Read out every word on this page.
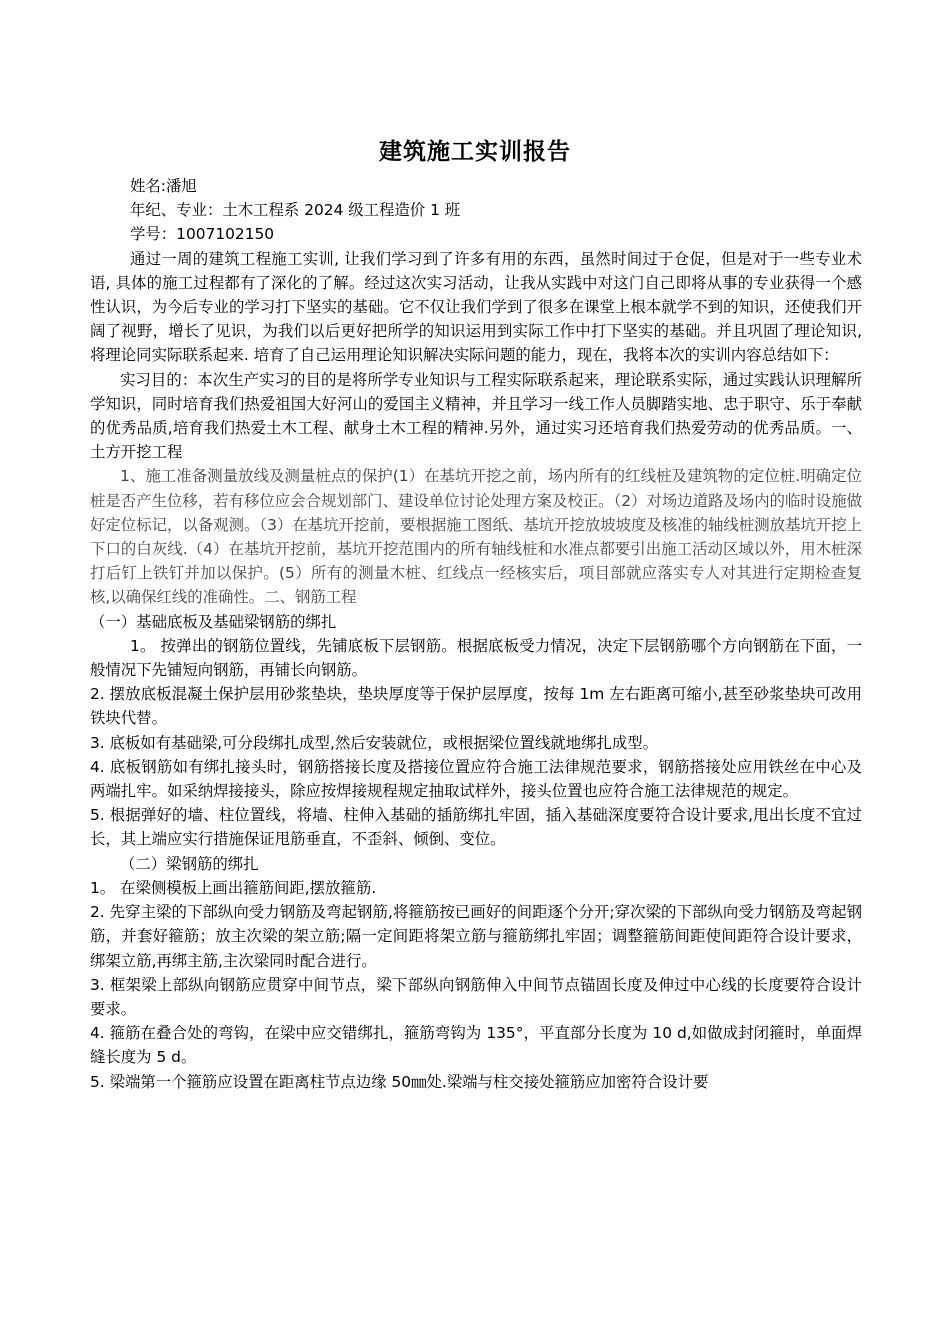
建筑施工实训报告

姓名:潘旭

年纪、专业：土木工程系 2024 级工程造价 1 班

学号：1007102150

通过一周的建筑工程施工实训, 让我们学习到了许多有用的东西，虽然时间过于仓促，但是对于一些专业术语, 具体的施工过程都有了深化的了解。经过这次实习活动，让我从实践中对这门自己即将从事的专业获得一个感性认识，为今后专业的学习打下坚实的基础。它不仅让我们学到了很多在课堂上根本就学不到的知识，还使我们开阔了视野，增长了见识，为我们以后更好把所学的知识运用到实际工作中打下坚实的基础。并且巩固了理论知识, 将理论同实际联系起来. 培育了自己运用理论知识解决实际问题的能力，现在，我将本次的实训内容总结如下：

实习目的：本次生产实习的目的是将所学专业知识与工程实际联系起来，理论联系实际，通过实践认识理解所学知识，同时培育我们热爱祖国大好河山的爱国主义精神，并且学习一线工作人员脚踏实地、忠于职守、乐于奉献的优秀品质,培育我们热爱土木工程、献身土木工程的精神.另外，通过实习还培育我们热爱劳动的优秀品质。一、土方开挖工程

1、施工准备测量放线及测量桩点的保护(1）在基坑开挖之前，场内所有的红线桩及建筑物的定位桩.明确定位桩是否产生位移，若有移位应会合规划部门、建设单位讨论处理方案及校正。（2）对场边道路及场内的临时设施做好定位标记，以备观测。（3）在基坑开挖前，要根据施工图纸、基坑开挖放坡坡度及核准的轴线桩测放基坑开挖上下口的白灰线.（4）在基坑开挖前，基坑开挖范围内的所有轴线桩和水准点都要引出施工活动区域以外，用木桩深打后钉上铁钉并加以保护。(5）所有的测量木桩、红线点一经核实后，项目部就应落实专人对其进行定期检查复核,以确保红线的准确性。二、钢筋工程

（一）基础底板及基础梁钢筋的绑扎

1。 按弹出的钢筋位置线，先铺底板下层钢筋。根据底板受力情况，决定下层钢筋哪个方向钢筋在下面，一般情况下先铺短向钢筋，再铺长向钢筋。

2. 摆放底板混凝土保护层用砂浆垫块，垫块厚度等于保护层厚度，按每 1m 左右距离可缩小,甚至砂浆垫块可改用铁块代替。

3. 底板如有基础梁,可分段绑扎成型,然后安装就位，或根据梁位置线就地绑扎成型。

4. 底板钢筋如有绑扎接头时，钢筋搭接长度及搭接位置应符合施工法律规范要求，钢筋搭接处应用铁丝在中心及两端扎牢。如采纳焊接接头，除应按焊接规程规定抽取试样外，接头位置也应符合施工法律规范的规定。

5. 根据弹好的墙、柱位置线，将墙、柱伸入基础的插筋绑扎牢固，插入基础深度要符合设计要求,甩出长度不宜过长，其上端应实行措施保证甩筋垂直，不歪斜、倾倒、变位。

（二）梁钢筋的绑扎

1。 在梁侧模板上画出箍筋间距,摆放箍筋.

2. 先穿主梁的下部纵向受力钢筋及弯起钢筋,将箍筋按已画好的间距逐个分开;穿次梁的下部纵向受力钢筋及弯起钢筋，并套好箍筋；放主次梁的架立筋;隔一定间距将架立筋与箍筋绑扎牢固；调整箍筋间距使间距符合设计要求，绑架立筋,再绑主筋,主次梁同时配合进行。

3. 框架梁上部纵向钢筋应贯穿中间节点，梁下部纵向钢筋伸入中间节点锚固长度及伸过中心线的长度要符合设计要求。

4. 箍筋在叠合处的弯钩，在梁中应交错绑扎，箍筋弯钩为 135°，平直部分长度为 10 d,如做成封闭箍时，单面焊缝长度为 5 d。

5. 梁端第一个箍筋应设置在距离柱节点边缘 50㎜处.梁端与柱交接处箍筋应加密符合设计要
